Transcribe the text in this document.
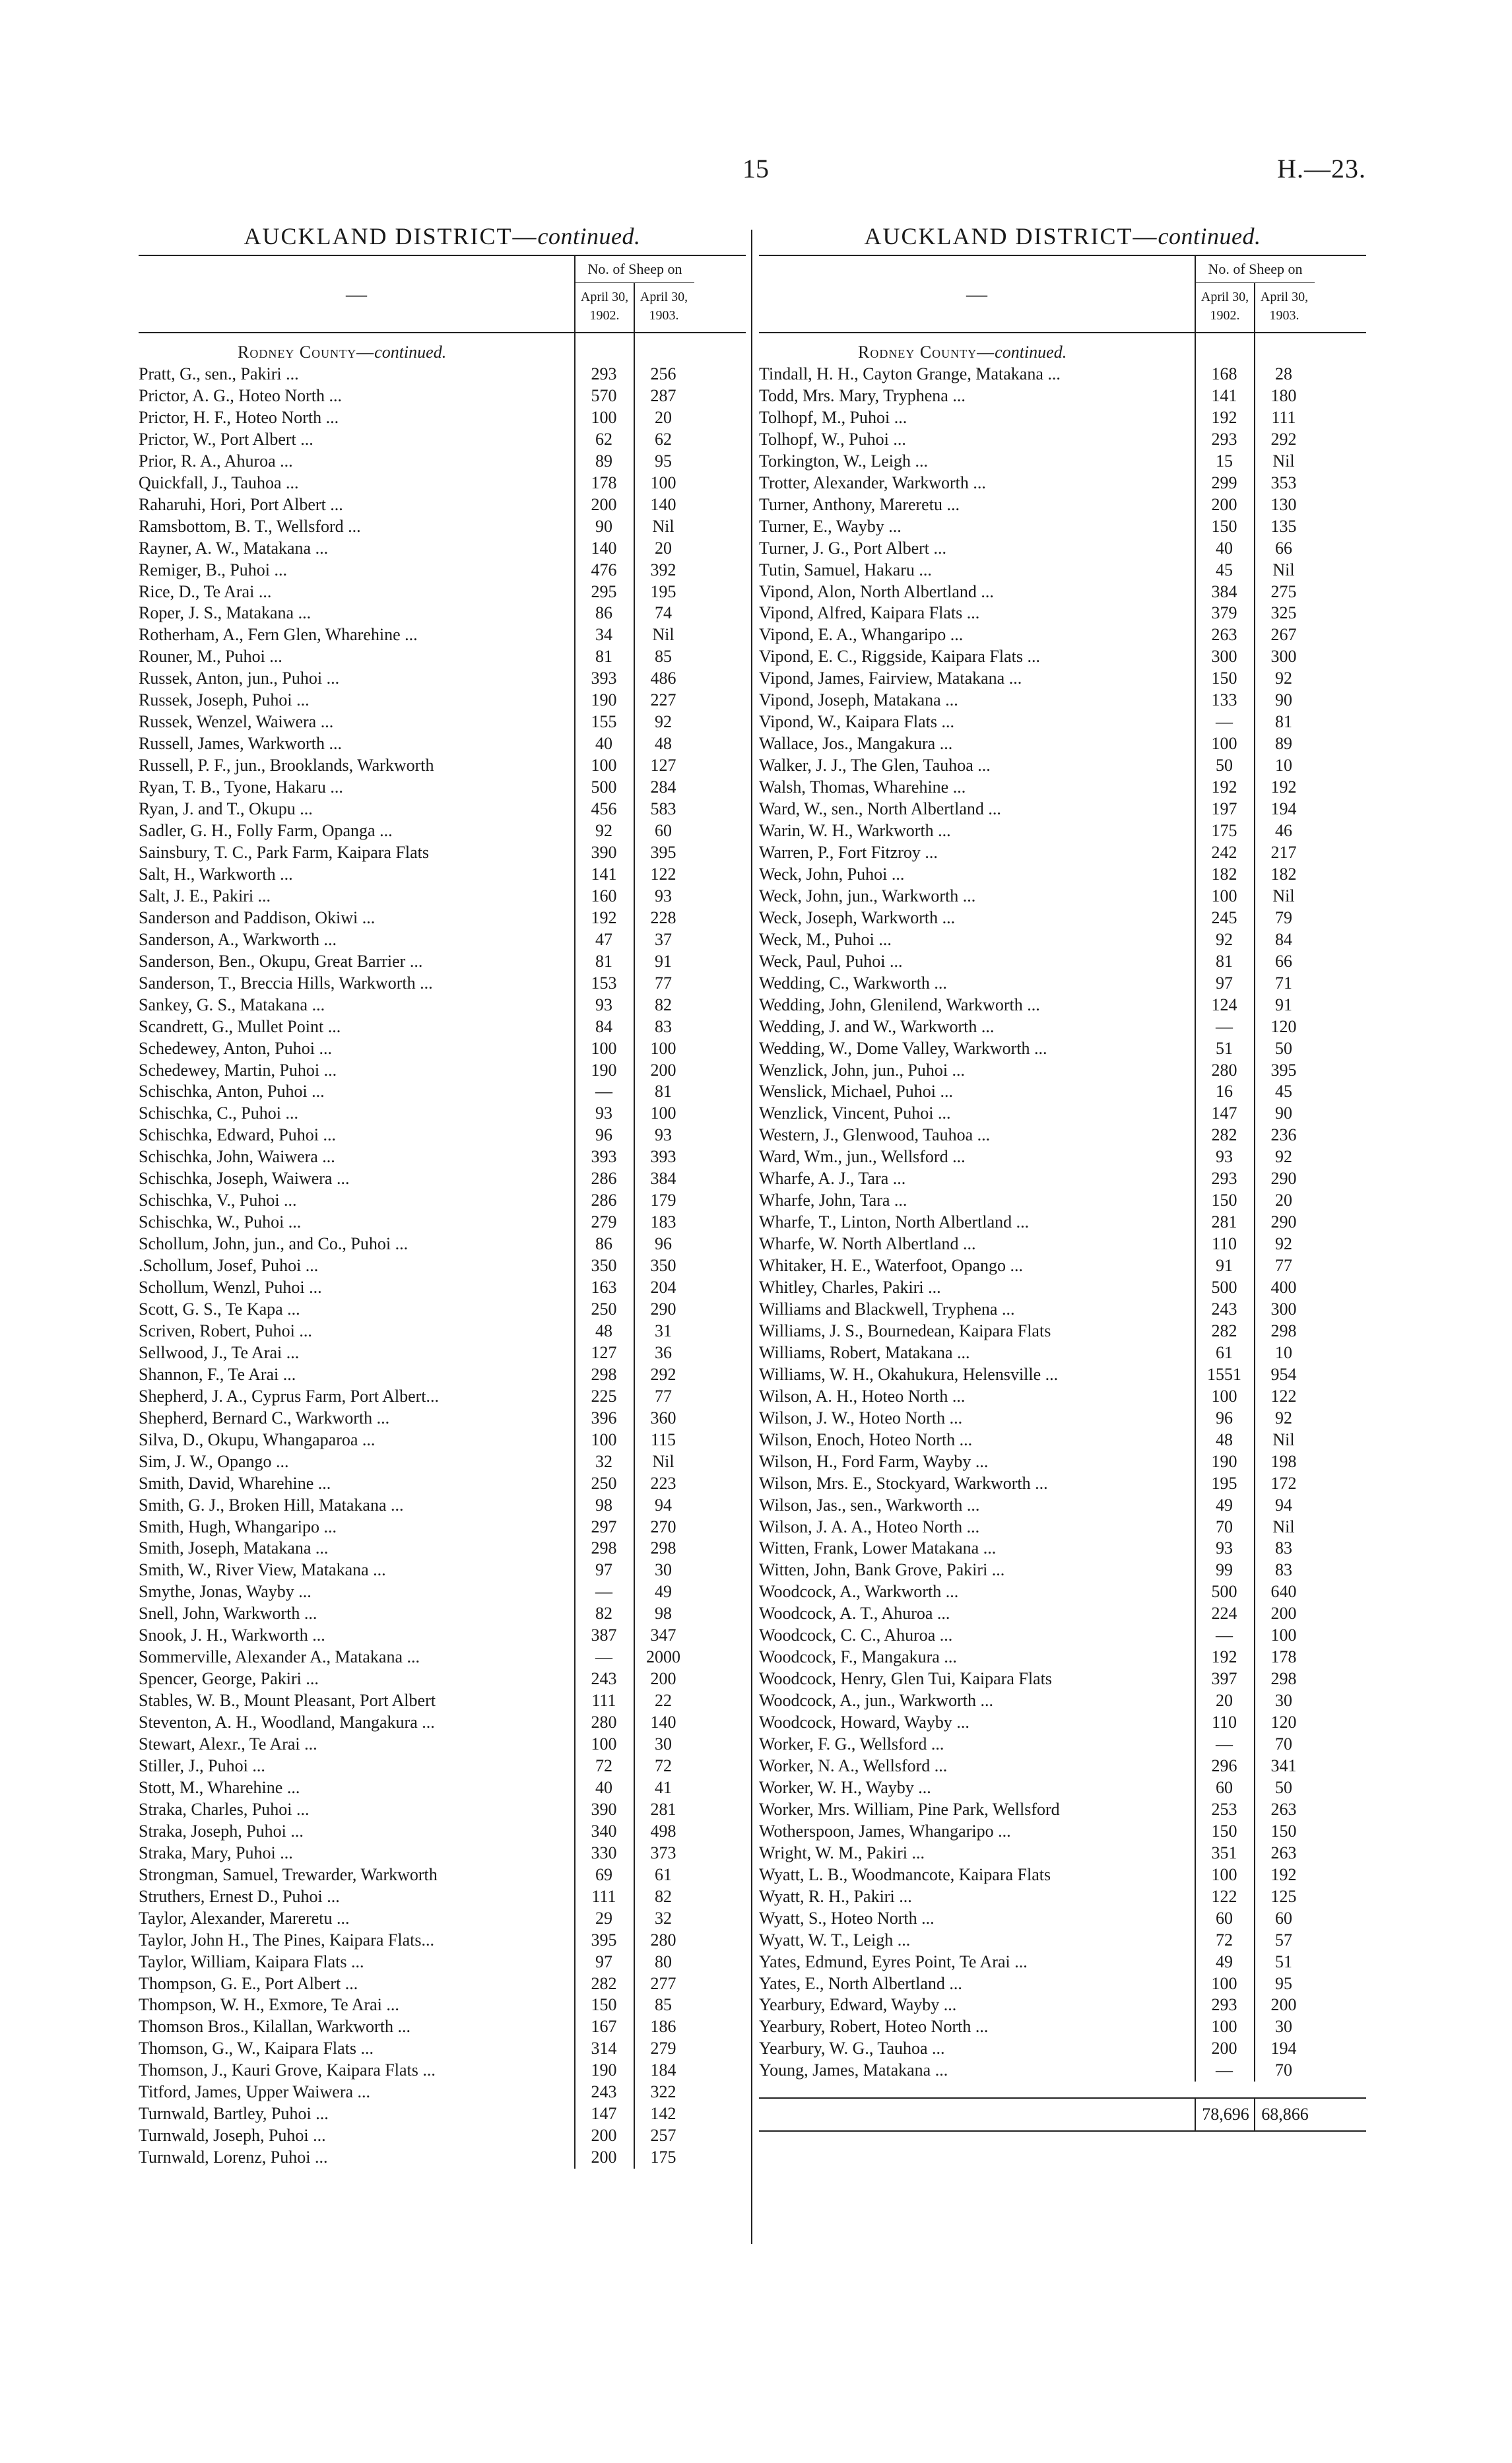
15	H.—23.
AUCKLAND DISTRICT—continued.
—
No. of Sheep on
April 30,
1902.
April 30,
1903.
Rodney County—continued.
Pratt, G., sen., Pakiri ...	293	256
Prictor, A. G., Hoteo North ...	570	287
Prictor, H. F., Hoteo North ...	100	20
Prictor, W., Port Albert ...	62	62
Prior, R. A., Ahuroa ...	89	95
Quickfall, J., Tauhoa ...	178	100
Raharuhi, Hori, Port Albert ...	200	140
Ramsbottom, B. T., Wellsford ...	90	Nil
Rayner, A. W., Matakana ...	140	20
Remiger, B., Puhoi ...	476	392
Rice, D., Te Arai ...	295	195
Roper, J. S., Matakana ...	86	74
Rotherham, A., Fern Glen, Wharehine ...	34	Nil
Rouner, M., Puhoi ...	81	85
Russek, Anton, jun., Puhoi ...	393	486
Russek, Joseph, Puhoi ...	190	227
Russek, Wenzel, Waiwera ...	155	92
Russell, James, Warkworth ...	40	48
Russell, P. F., jun., Brooklands, Warkworth	100	127
Ryan, T. B., Tyone, Hakaru ...	500	284
Ryan, J. and T., Okupu ...	456	583
Sadler, G. H., Folly Farm, Opanga ...	92	60
Sainsbury, T. C., Park Farm, Kaipara Flats	390	395
Salt, H., Warkworth ...	141	122
Salt, J. E., Pakiri ...	160	93
Sanderson and Paddison, Okiwi ...	192	228
Sanderson, A., Warkworth ...	47	37
Sanderson, Ben., Okupu, Great Barrier ...	81	91
Sanderson, T., Breccia Hills, Warkworth ...	153	77
Sankey, G. S., Matakana ...	93	82
Scandrett, G., Mullet Point ...	84	83
Schedewey, Anton, Puhoi ...	100	100
Schedewey, Martin, Puhoi ...	190	200
Schischka, Anton, Puhoi ...	—	81
Schischka, C., Puhoi ...	93	100
Schischka, Edward, Puhoi ...	96	93
Schischka, John, Waiwera ...	393	393
Schischka, Joseph, Waiwera ...	286	384
Schischka, V., Puhoi ...	286	179
Schischka, W., Puhoi ...	279	183
Schollum, John, jun., and Co., Puhoi ...	86	96
.Schollum, Josef, Puhoi ...	350	350
Schollum, Wenzl, Puhoi ...	163	204
Scott, G. S., Te Kapa ...	250	290
Scriven, Robert, Puhoi ...	48	31
Sellwood, J., Te Arai ...	127	36
Shannon, F., Te Arai ...	298	292
Shepherd, J. A., Cyprus Farm, Port Albert...	225	77
Shepherd, Bernard C., Warkworth ...	396	360
Silva, D., Okupu, Whangaparoa ...	100	115
Sim, J. W., Opango ...	32	Nil
Smith, David, Wharehine ...	250	223
Smith, G. J., Broken Hill, Matakana ...	98	94
Smith, Hugh, Whangaripo ...	297	270
Smith, Joseph, Matakana ...	298	298
Smith, W., River View, Matakana ...	97	30
Smythe, Jonas, Wayby ...	—	49
Snell, John, Warkworth ...	82	98
Snook, J. H., Warkworth ...	387	347
Sommerville, Alexander A., Matakana ...	—	2000
Spencer, George, Pakiri ...	243	200
Stables, W. B., Mount Pleasant, Port Albert	111	22
Steventon, A. H., Woodland, Mangakura ...	280	140
Stewart, Alexr., Te Arai ...	100	30
Stiller, J., Puhoi ...	72	72
Stott, M., Wharehine ...	40	41
Straka, Charles, Puhoi ...	390	281
Straka, Joseph, Puhoi ...	340	498
Straka, Mary, Puhoi ...	330	373
Strongman, Samuel, Trewarder, Warkworth	69	61
Struthers, Ernest D., Puhoi ...	111	82
Taylor, Alexander, Mareretu ...	29	32
Taylor, John H., The Pines, Kaipara Flats...	395	280
Taylor, William, Kaipara Flats ...	97	80
Thompson, G. E., Port Albert ...	282	277
Thompson, W. H., Exmore, Te Arai ...	150	85
Thomson Bros., Kilallan, Warkworth ...	167	186
Thomson, G., W., Kaipara Flats ...	314	279
Thomson, J., Kauri Grove, Kaipara Flats ...	190	184
Titford, James, Upper Waiwera ...	243	322
Turnwald, Bartley, Puhoi ...	147	142
Turnwald, Joseph, Puhoi ...	200	257
Turnwald, Lorenz, Puhoi ...	200	175
AUCKLAND DISTRICT—continued.
—
No. of Sheep on
April 30,
1902.
April 30,
1903.
Rodney County—continued.
Tindall, H. H., Cayton Grange, Matakana ...	168	28
Todd, Mrs. Mary, Tryphena ...	141	180
Tolhopf, M., Puhoi ...	192	111
Tolhopf, W., Puhoi ...	293	292
Torkington, W., Leigh ...	15	Nil
Trotter, Alexander, Warkworth ...	299	353
Turner, Anthony, Mareretu ...	200	130
Turner, E., Wayby ...	150	135
Turner, J. G., Port Albert ...	40	66
Tutin, Samuel, Hakaru ...	45	Nil
Vipond, Alon, North Albertland ...	384	275
Vipond, Alfred, Kaipara Flats ...	379	325
Vipond, E. A., Whangaripo ...	263	267
Vipond, E. C., Riggside, Kaipara Flats ...	300	300
Vipond, James, Fairview, Matakana ...	150	92
Vipond, Joseph, Matakana ...	133	90
Vipond, W., Kaipara Flats ...	—	81
Wallace, Jos., Mangakura ...	100	89
Walker, J. J., The Glen, Tauhoa ...	50	10
Walsh, Thomas, Wharehine ...	192	192
Ward, W., sen., North Albertland ...	197	194
Warin, W. H., Warkworth ...	175	46
Warren, P., Fort Fitzroy ...	242	217
Weck, John, Puhoi ...	182	182
Weck, John, jun., Warkworth ...	100	Nil
Weck, Joseph, Warkworth ...	245	79
Weck, M., Puhoi ...	92	84
Weck, Paul, Puhoi ...	81	66
Wedding, C., Warkworth ...	97	71
Wedding, John, Glenilend, Warkworth ...	124	91
Wedding, J. and W., Warkworth ...	—	120
Wedding, W., Dome Valley, Warkworth ...	51	50
Wenzlick, John, jun., Puhoi ...	280	395
Wenslick, Michael, Puhoi ...	16	45
Wenzlick, Vincent, Puhoi ...	147	90
Western, J., Glenwood, Tauhoa ...	282	236
Ward, Wm., jun., Wellsford ...	93	92
Wharfe, A. J., Tara ...	293	290
Wharfe, John, Tara ...	150	20
Wharfe, T., Linton, North Albertland ...	281	290
Wharfe, W. North Albertland ...	110	92
Whitaker, H. E., Waterfoot, Opango ...	91	77
Whitley, Charles, Pakiri ...	500	400
Williams and Blackwell, Tryphena ...	243	300
Williams, J. S., Bournedean, Kaipara Flats	282	298
Williams, Robert, Matakana ...	61	10
Williams, W. H., Okahukura, Helensville ...	1551	954
Wilson, A. H., Hoteo North ...	100	122
Wilson, J. W., Hoteo North ...	96	92
Wilson, Enoch, Hoteo North ...	48	Nil
Wilson, H., Ford Farm, Wayby ...	190	198
Wilson, Mrs. E., Stockyard, Warkworth ...	195	172
Wilson, Jas., sen., Warkworth ...	49	94
Wilson, J. A. A., Hoteo North ...	70	Nil
Witten, Frank, Lower Matakana ...	93	83
Witten, John, Bank Grove, Pakiri ...	99	83
Woodcock, A., Warkworth ...	500	640
Woodcock, A. T., Ahuroa ...	224	200
Woodcock, C. C., Ahuroa ...	—	100
Woodcock, F., Mangakura ...	192	178
Woodcock, Henry, Glen Tui, Kaipara Flats	397	298
Woodcock, A., jun., Warkworth ...	20	30
Woodcock, Howard, Wayby ...	110	120
Worker, F. G., Wellsford ...	—	70
Worker, N. A., Wellsford ...	296	341
Worker, W. H., Wayby ...	60	50
Worker, Mrs. William, Pine Park, Wellsford	253	263
Wotherspoon, James, Whangaripo ...	150	150
Wright, W. M., Pakiri ...	351	263
Wyatt, L. B., Woodmancote, Kaipara Flats	100	192
Wyatt, R. H., Pakiri ...	122	125
Wyatt, S., Hoteo North ...	60	60
Wyatt, W. T., Leigh ...	72	57
Yates, Edmund, Eyres Point, Te Arai ...	49	51
Yates, E., North Albertland ...	100	95
Yearbury, Edward, Wayby ...	293	200
Yearbury, Robert, Hoteo North ...	100	30
Yearbury, W. G., Tauhoa ...	200	194
Young, James, Matakana ...	—	70
78,696 68,866
